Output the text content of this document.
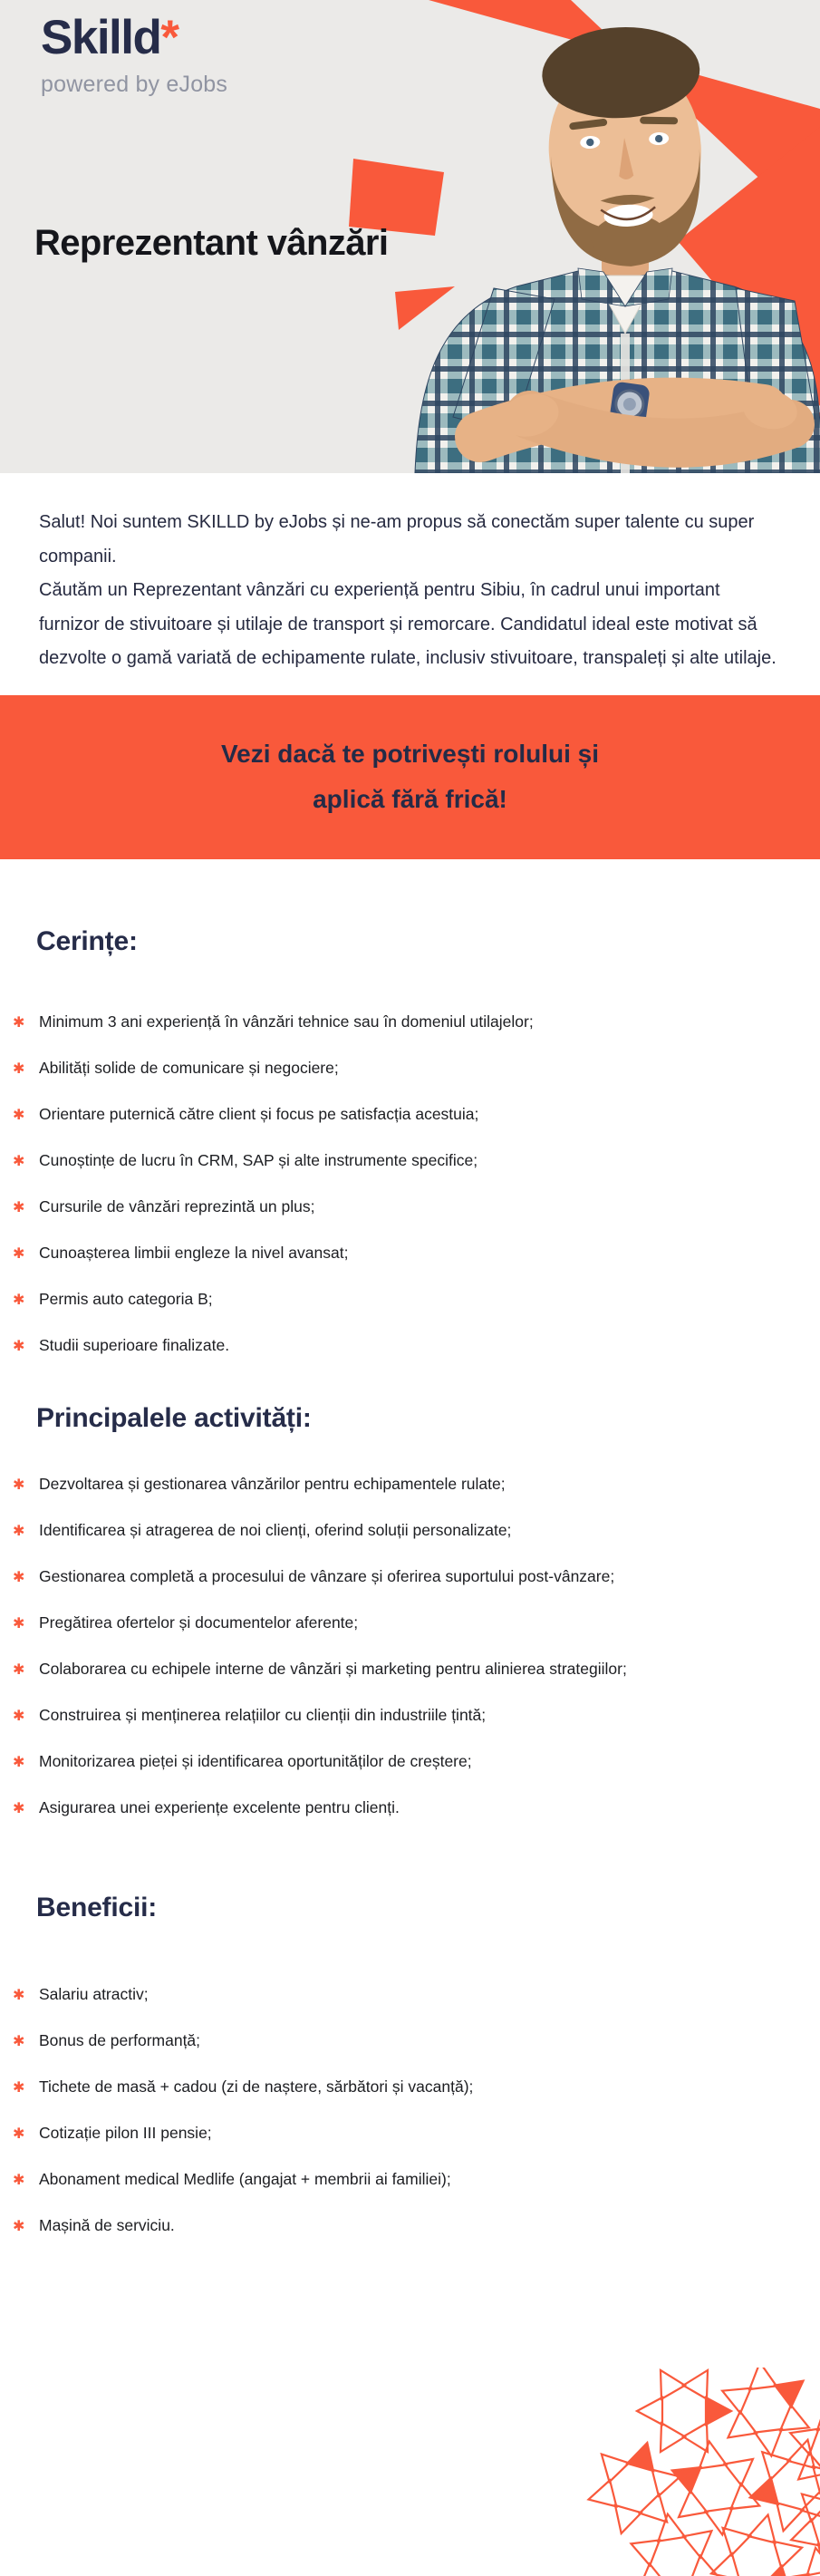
Skilld*
powered by eJobs
Reprezentant vânzări

Salut! Noi suntem SKILLD by eJobs și ne-am propus să conectăm super talente cu super companii.

Căutăm un Reprezentant vânzări cu experiență pentru Sibiu, în cadrul unui important furnizor de stivuitoare și utilaje de transport și remorcare. Candidatul ideal este motivat să dezvolte o gamă variată de echipamente rulate, inclusiv stivuitoare, transpaleți și alte utilaje.

Vezi dacă te potrivești rolului și
aplică fără frică!
Cerințe:
✱ Minimum 3 ani experiență în vânzări tehnice sau în domeniul utilajelor;
✱ Abilități solide de comunicare și negociere;
✱ Orientare puternică către client și focus pe satisfacția acestuia;
✱ Cunoștințe de lucru în CRM, SAP și alte instrumente specifice;
✱ Cursurile de vânzări reprezintă un plus;
✱ Cunoașterea limbii engleze la nivel avansat;
✱ Permis auto categoria B;
✱ Studii superioare finalizate.
Principalele activități:
✱ Dezvoltarea și gestionarea vânzărilor pentru echipamentele rulate;
✱ Identificarea și atragerea de noi clienți, oferind soluții personalizate;
✱ Gestionarea completă a procesului de vânzare și oferirea suportului post-vânzare;
✱ Pregătirea ofertelor și documentelor aferente;
✱ Colaborarea cu echipele interne de vânzări și marketing pentru alinierea strategiilor;
✱ Construirea și menținerea relațiilor cu clienții din industriile țintă;
✱ Monitorizarea pieței și identificarea oportunităților de creștere;
✱ Asigurarea unei experiențe excelente pentru clienți.
Beneficii:
✱ Salariu atractiv;
✱ Bonus de performanță;
✱ Tichete de masă + cadou (zi de naștere, sărbători și vacanță);
✱ Cotizație pilon III pensie;
✱ Abonament medical Medlife (angajat + membrii ai familiei);
✱ Mașină de serviciu.
